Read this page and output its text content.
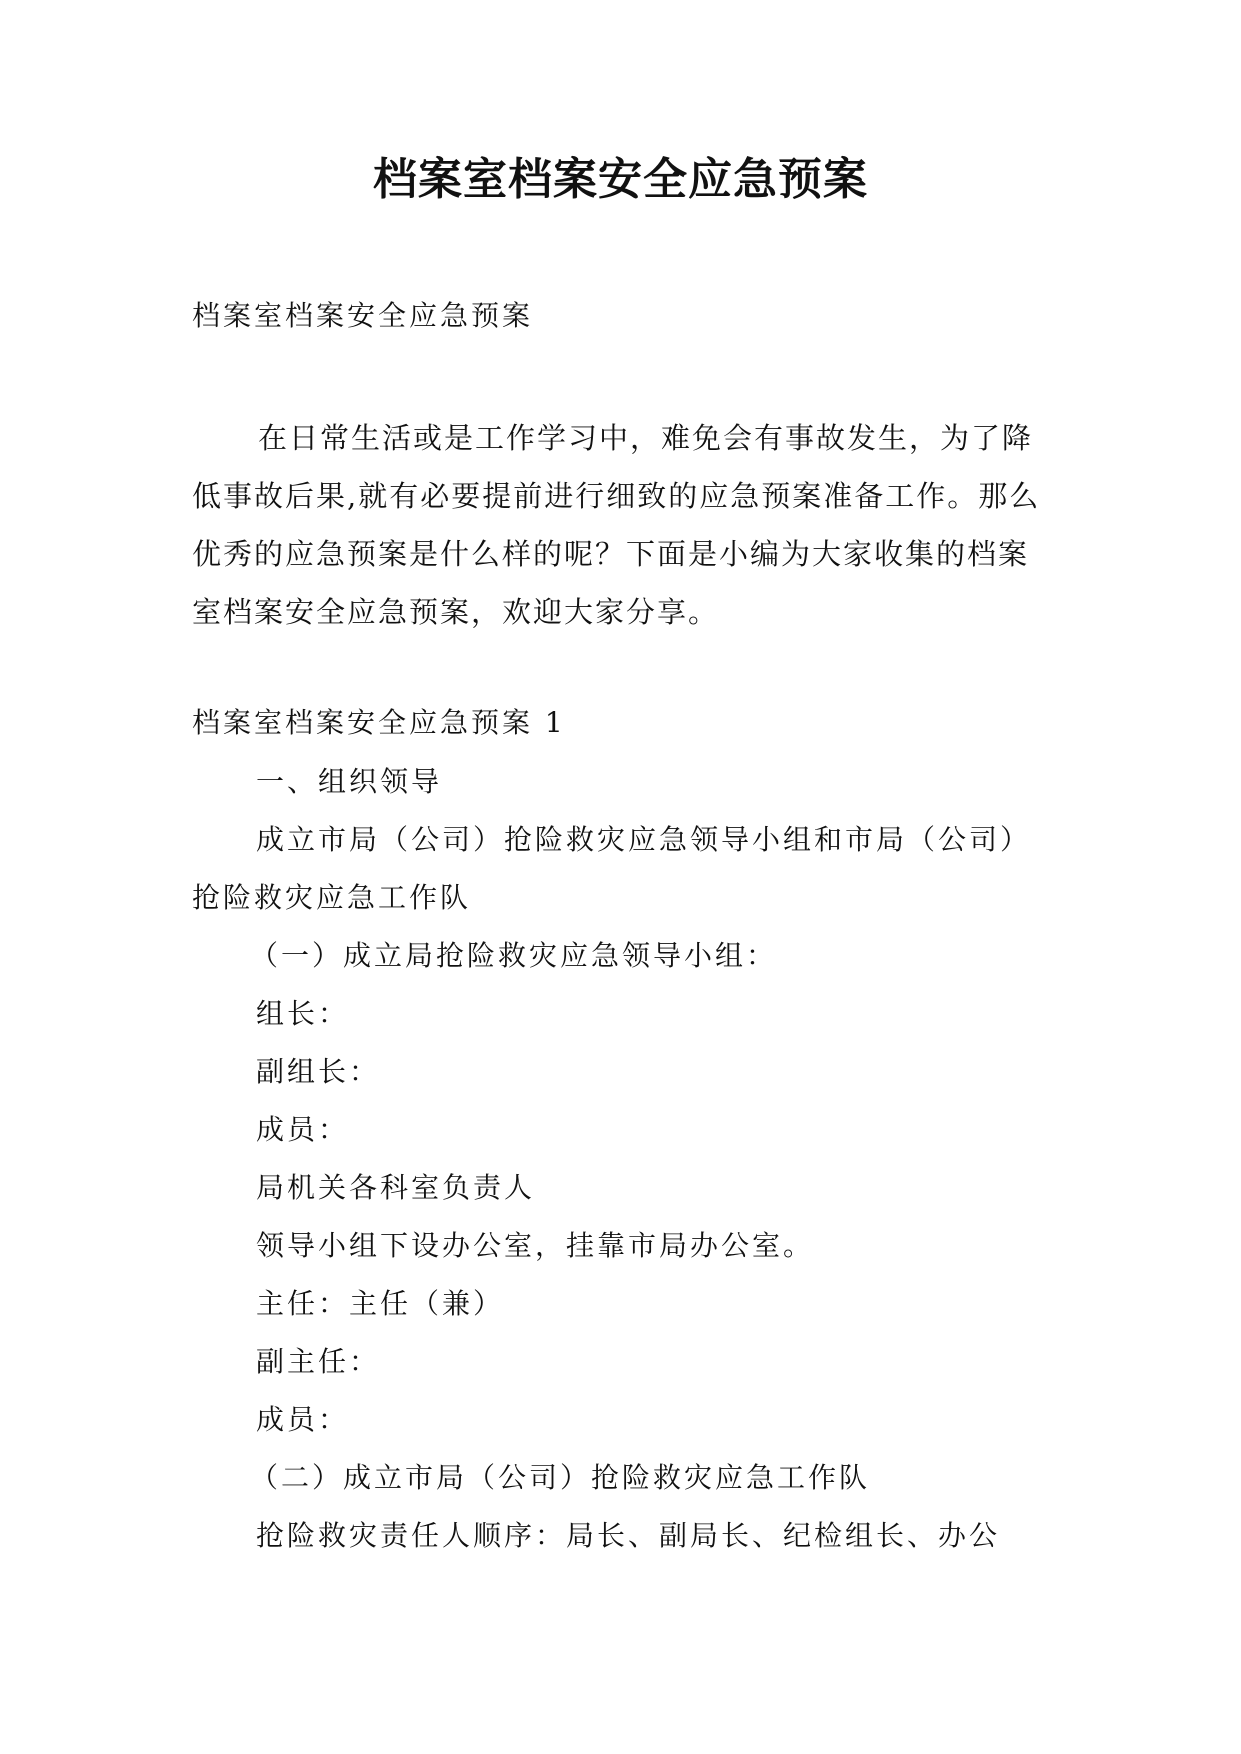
档案室档案安全应急预案
档案室档案安全应急预案

在日常生活或是工作学习中，难免会有事故发生，为了降低事故后果,就有必要提前进行细致的应急预案准备工作。那么优秀的应急预案是什么样的呢？下面是小编为大家收集的档案室档案安全应急预案，欢迎大家分享。

档案室档案安全应急预案 1
一、组织领导
成立市局（公司）抢险救灾应急领导小组和市局（公司）
抢险救灾应急工作队
（一）成立局抢险救灾应急领导小组：
组长：
副组长：
成员：
局机关各科室负责人
领导小组下设办公室，挂靠市局办公室。
主任：主任（兼）
副主任：
成员：
（二）成立市局（公司）抢险救灾应急工作队
抢险救灾责任人顺序：局长、副局长、纪检组长、办公
